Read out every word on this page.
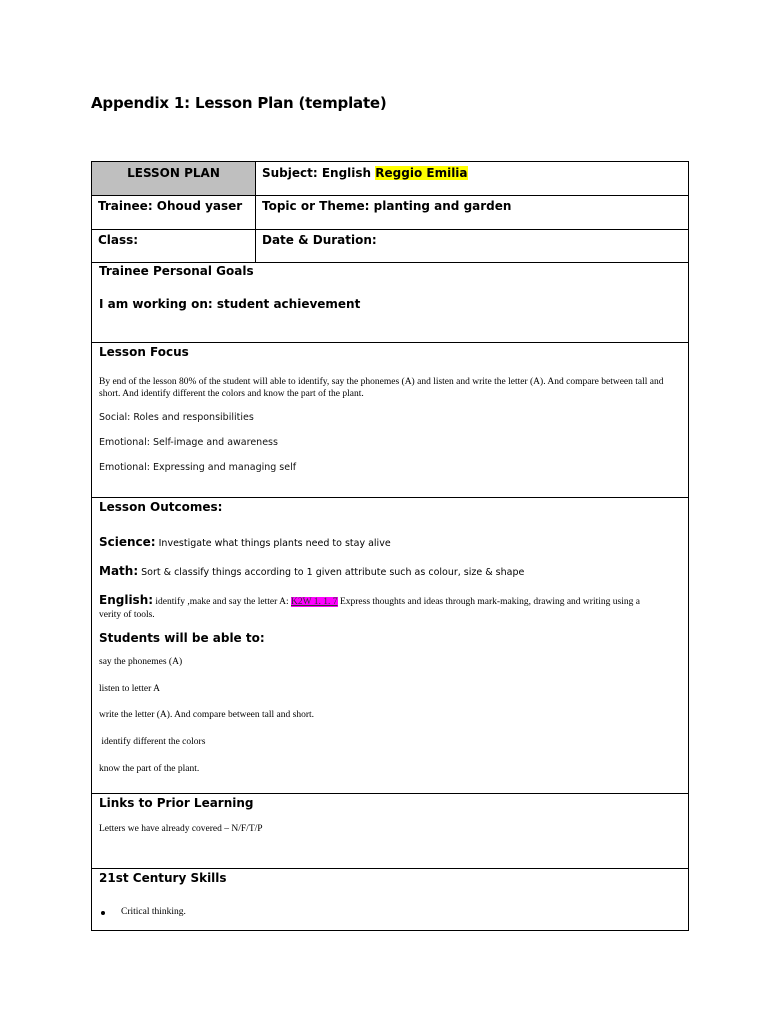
Appendix 1: Lesson Plan (template)
LESSON PLAN	Subject: English Reggio Emilia
Trainee: Ohoud yaser Topic or Theme: planting and garden
Class:	Date & Duration:
Trainee Personal Goals
I am working on: student achievement
Lesson Focus
By end of the lesson 80% of the student will able to identify, say the phonemes (A) and listen and write the letter (A). And compare between tall and short. And identify different the colors and know the part of the plant.
Social: Roles and responsibilities
Emotional: Self-image and awareness
Emotional: Expressing and managing self
Lesson Outcomes:
Science: Investigate what things plants need to stay alive
Math: Sort & classify things according to 1 given attribute such as colour, size & shape
English: identify ,make and say the letter A: K2W 1. 1. 7 Express thoughts and ideas through mark-making, drawing and writing using a
verity of tools.
Students will be able to:
say the phonemes (A)
listen to letter A
write the letter (A). And compare between tall and short.
identify different the colors
know the part of the plant.
Links to Prior Learning
Letters we have already covered – N/F/T/P
21st Century Skills
Critical thinking.
